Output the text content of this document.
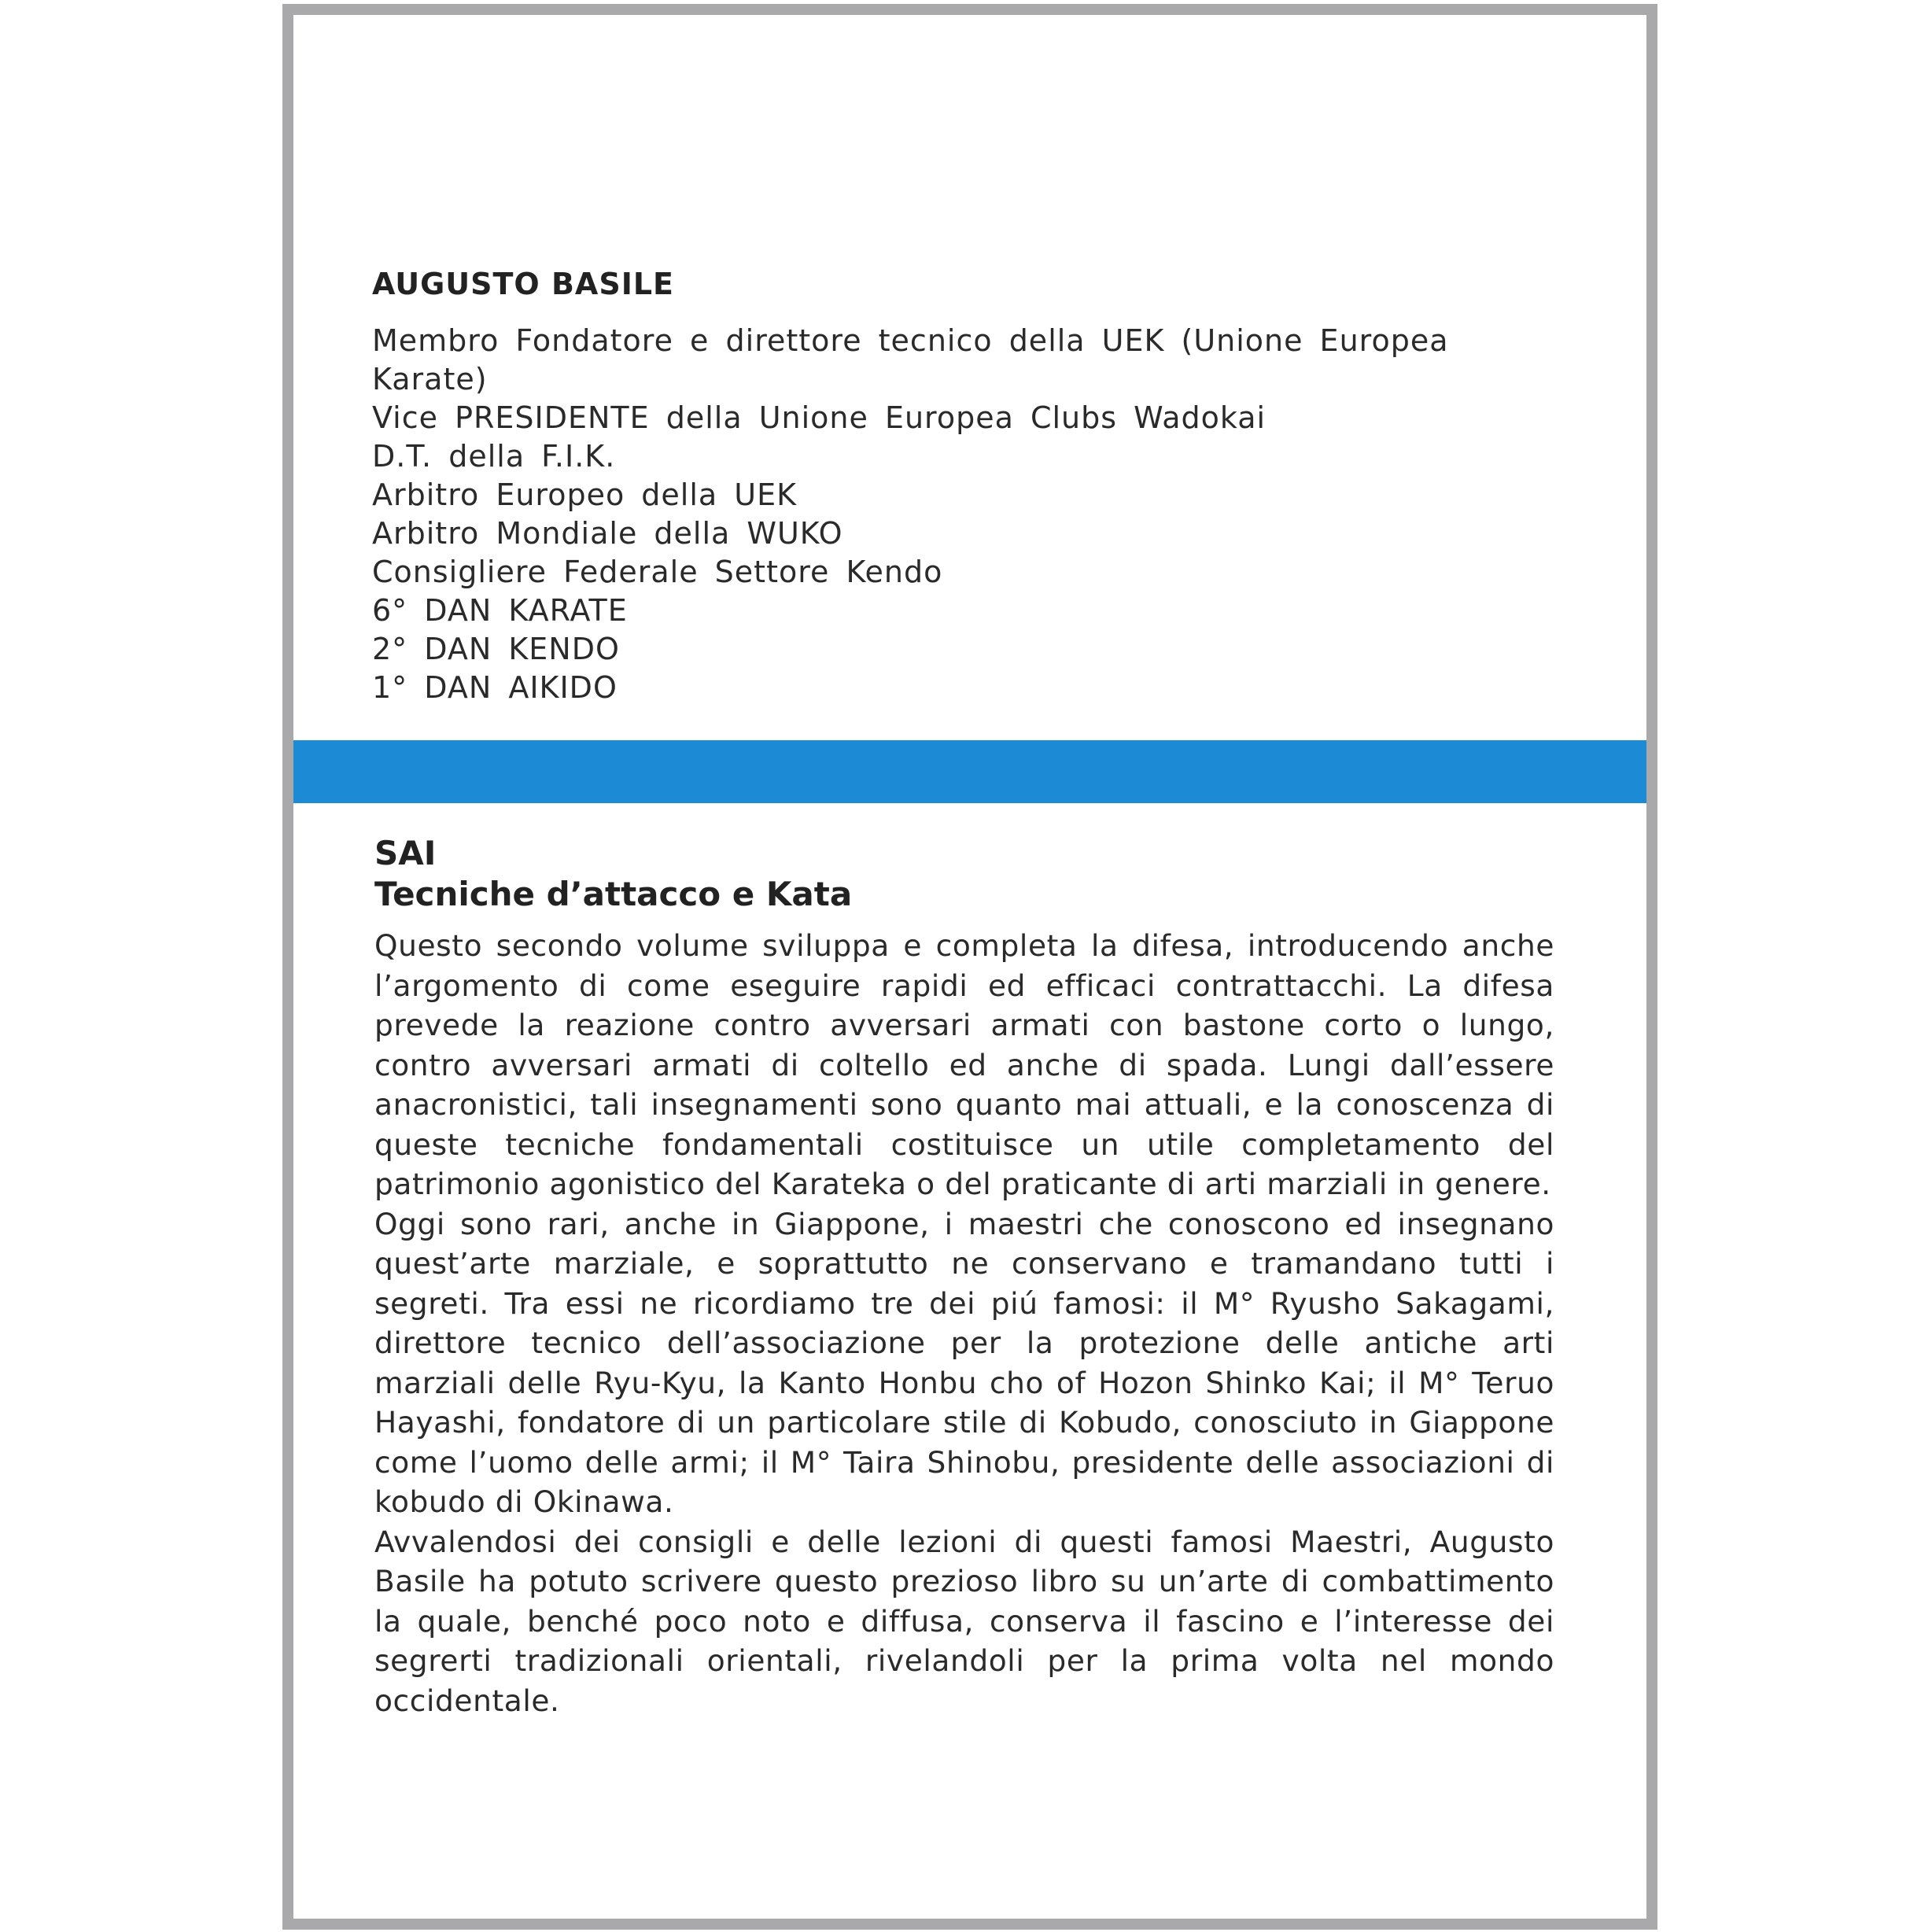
AUGUSTO BASILE
Membro Fondatore e direttore tecnico della UEK (Unione Europea Karate)
Vice PRESIDENTE della Unione Europea Clubs Wadokai
D.T. della F.I.K.
Arbitro Europeo della UEK
Arbitro Mondiale della WUKO
Consigliere Federale Settore Kendo
6° DAN KARATE
2° DAN KENDO
1° DAN AIKIDO
SAI
Tecniche d’attacco e Kata

Questo secondo volume sviluppa e completa la difesa, introducendo anche l’argomento di come eseguire rapidi ed efficaci contrattacchi. La difesa prevede la reazione contro avversari armati con bastone corto o lungo, contro avversari armati di coltello ed anche di spada. Lungi dall’essere anacronistici, tali insegnamenti sono quanto mai attuali, e la conoscenza di queste tecniche fondamentali costituisce un utile completamento del patrimonio agonistico del Karateka o del praticante di arti marziali in genere.

Oggi sono rari, anche in Giappone, i maestri che conoscono ed insegnano quest’arte marziale, e soprattutto ne conservano e tramandano tutti i segreti. Tra essi ne ricordiamo tre dei piú famosi: il M° Ryusho Sakagami, direttore tecnico dell’associazione per la protezione delle antiche arti marziali delle Ryu-Kyu, la Kanto Honbu cho of Hozon Shinko Kai; il M° Teruo Hayashi, fondatore di un particolare stile di Kobudo, conosciuto in Giappone come l’uomo delle armi; il M° Taira Shinobu, presidente delle associazioni di kobudo di Okinawa.

Avvalendosi dei consigli e delle lezioni di questi famosi Maestri, Augusto Basile ha potuto scrivere questo prezioso libro su un’arte di combattimento la quale, benché poco noto e diffusa, conserva il fascino e l’interesse dei segrerti tradizionali orientali, rivelandoli per la prima volta nel mondo occidentale.
